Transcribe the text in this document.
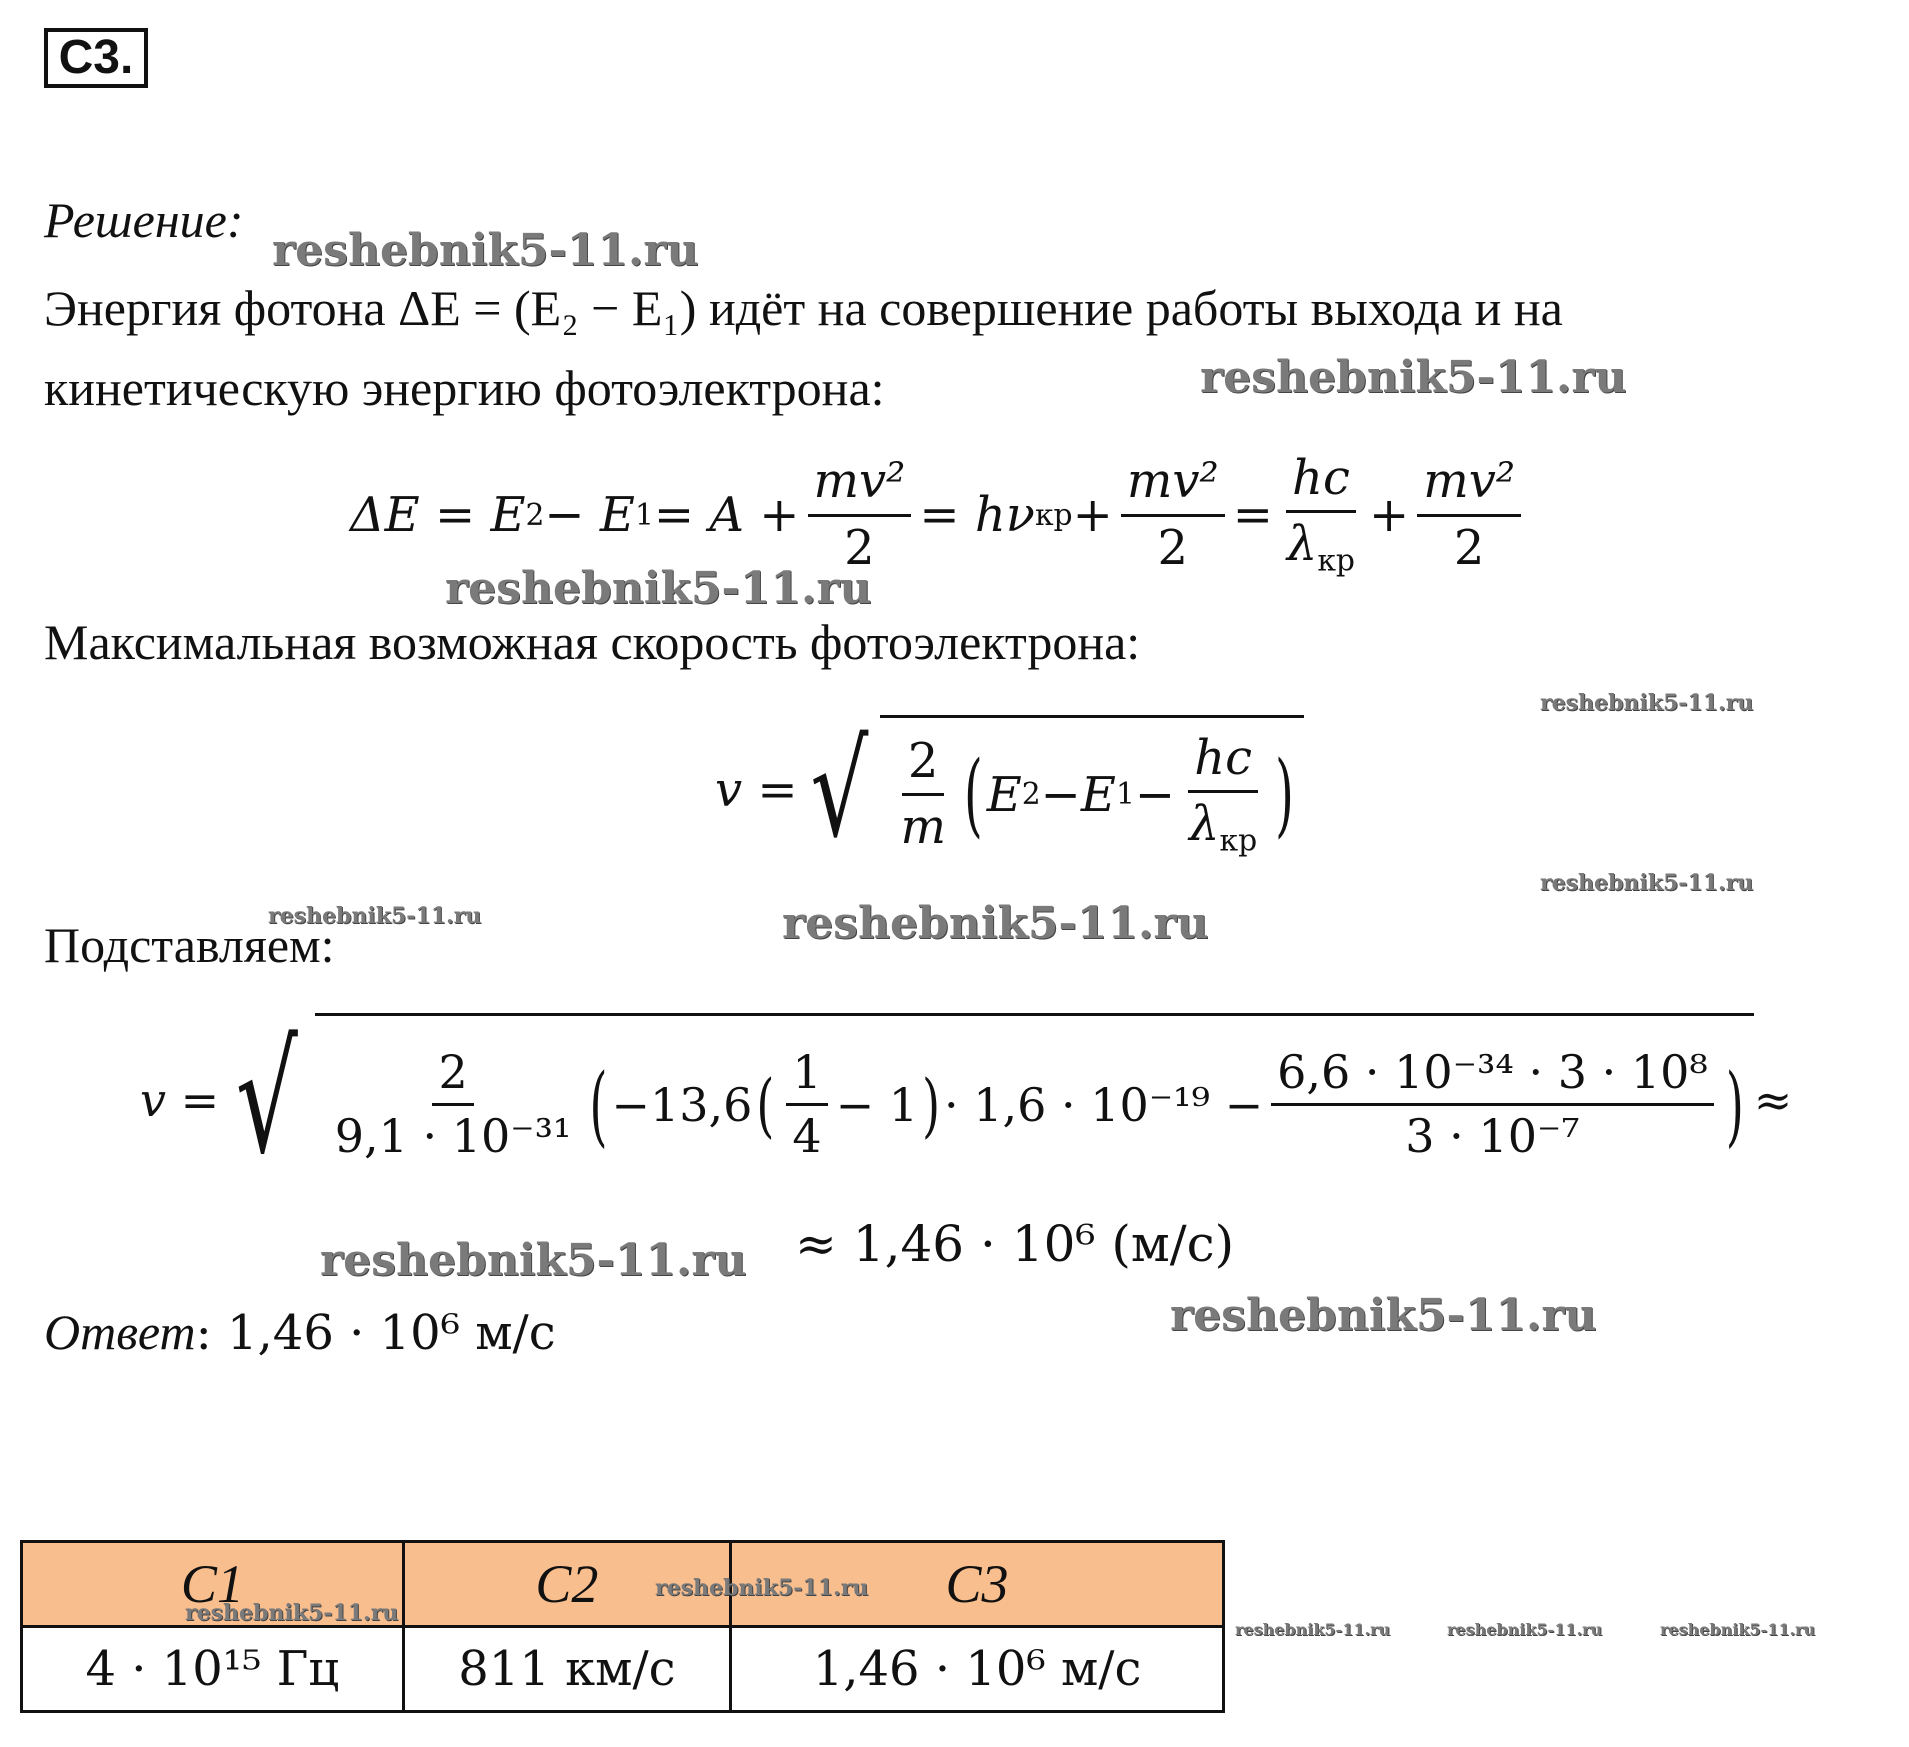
С3.
Решение:
Энергия фотона ΔE = (E₂ − E₁) идёт на совершение работы выхода и на
кинетическую энергию фотоэлектрона:
ΔE = E 2 − E $1 = A + \frac{\text{mv²}}{2} = h\nu$ кр + $\frac{\text{mv²}}{2} = \frac{hc}{\lambda_{кр}} + \frac{\text{mv²}}{2}$
Максимальная возможная скорость фотоэлектрона:
v = √ $\frac{2}{m}$ ( E 2 − E $1 - \frac{hc}{\lambda_{кр}}$ )
Подставляем:
v = √ $\frac{2}{\text{9,1 · 10⁻³¹}}$ ( −13,6 ( $\frac{1}{4} - 1$ ) · $1,6 \cdot 10^{-19} - \frac{\text{6,6 · 10⁻³⁴ · 3 · 10⁸}}{\text{3 · 10⁻⁷}}$ ) ≈
≈ 1,46 · 10⁶ (м/с)
Ответ: 1,46 · 10⁶ м/с
C1	C2	C3
4 · 10¹⁵ Гц	811 км/с	1,46 · 10⁶ м/с
reshebnik5-11.ru
reshebnik5-11.ru
reshebnik5-11.ru
reshebnik5-11.ru
reshebnik5-11.ru
reshebnik5-11.ru	reshebnik5-11.ru
reshebnik5-11.ru
reshebnik5-11.ru
reshebnik5-11.ru
reshebnik5-11.ru
reshebnik5-11.ru	reshebnik5-11.ru	reshebnik5-11.ru
